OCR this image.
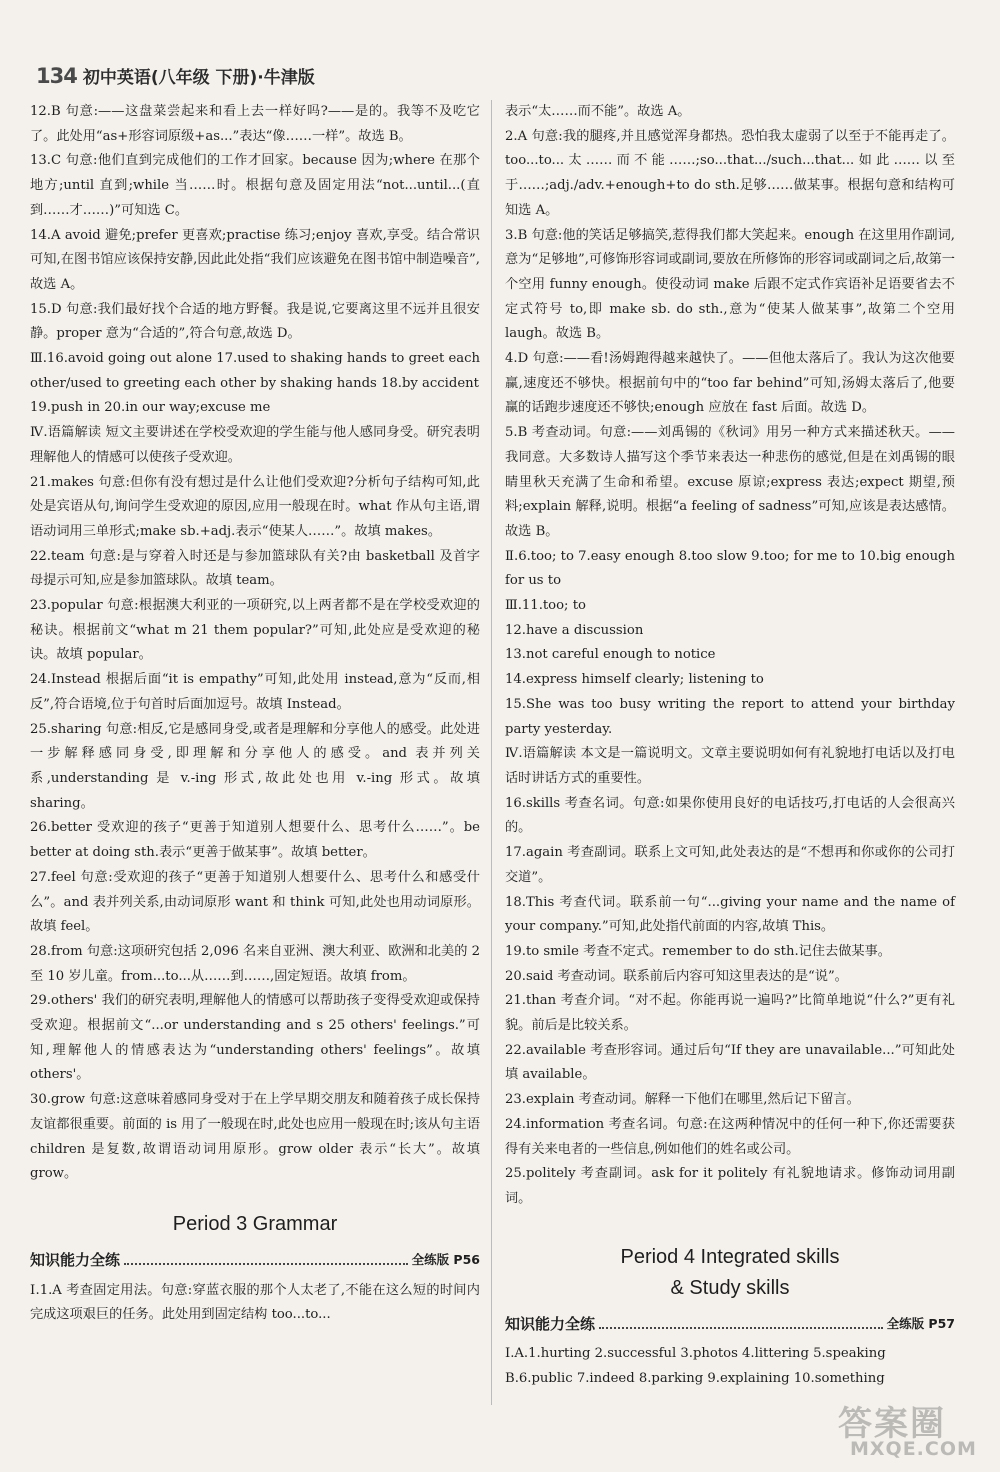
134 初中英语(八年级 下册)·牛津版

12.B 句意:——这盘菜尝起来和看上去一样好吗?——是的。我等不及吃它了。此处用“as+形容词原级+as...”表达“像……一样”。故选 B。

13.C 句意:他们直到完成他们的工作才回家。because 因为;where 在那个地方;until 直到;while 当……时。根据句意及固定用法“not...until...(直到……才……)”可知选 C。

14.A avoid 避免;prefer 更喜欢;practise 练习;enjoy 喜欢,享受。结合常识可知,在图书馆应该保持安静,因此此处指“我们应该避免在图书馆中制造噪音”,故选 A。

15.D 句意:我们最好找个合适的地方野餐。我是说,它要离这里不远并且很安静。proper 意为“合适的”,符合句意,故选 D。

Ⅲ.16.avoid going out alone 17.used to shaking hands to greet each other/used to greeting each other by shaking hands 18.by accident

19.push in 20.in our way;excuse me

Ⅳ.语篇解读 短文主要讲述在学校受欢迎的学生能与他人感同身受。研究表明理解他人的情感可以使孩子受欢迎。

21.makes 句意:但你有没有想过是什么让他们受欢迎?分析句子结构可知,此处是宾语从句,询问学生受欢迎的原因,应用一般现在时。what 作从句主语,谓语动词用三单形式;make sb.+adj.表示“使某人……”。故填 makes。

22.team 句意:是与穿着入时还是与参加篮球队有关?由 basketball 及首字母提示可知,应是参加篮球队。故填 team。

23.popular 句意:根据澳大利亚的一项研究,以上两者都不是在学校受欢迎的秘诀。根据前文“what m 21 them popular?”可知,此处应是受欢迎的秘诀。故填 popular。

24.Instead 根据后面“it is empathy”可知,此处用 instead,意为“反而,相反”,符合语境,位于句首时后面加逗号。故填 Instead。

25.sharing 句意:相反,它是感同身受,或者是理解和分享他人的感受。此处进一步解释感同身受,即理解和分享他人的感受。and 表并列关系,understanding 是 v.-ing 形式,故此处也用 v.-ing 形式。故填 sharing。

26.better 受欢迎的孩子“更善于知道别人想要什么、思考什么……”。be better at doing sth.表示“更善于做某事”。故填 better。

27.feel 句意:受欢迎的孩子“更善于知道别人想要什么、思考什么和感受什么”。and 表并列关系,由动词原形 want 和 think 可知,此处也用动词原形。故填 feel。

28.from 句意:这项研究包括 2,096 名来自亚洲、澳大利亚、欧洲和北美的 2 至 10 岁儿童。from...to...从……到……,固定短语。故填 from。

29.others' 我们的研究表明,理解他人的情感可以帮助孩子变得受欢迎或保持受欢迎。根据前文“...or understanding and s 25 others' feelings.”可知,理解他人的情感表达为“understanding others' feelings”。故填 others'。

30.grow 句意:这意味着感同身受对于在上学早期交朋友和随着孩子成长保持友谊都很重要。前面的 is 用了一般现在时,此处也应用一般现在时;该从句主语 children 是复数,故谓语动词用原形。grow older 表示“长大”。故填 grow。

Period 3 Grammar
知识能力全练	全练版 P56

Ⅰ.1.A 考查固定用法。句意:穿蓝衣服的那个人太老了,不能在这么短的时间内完成这项艰巨的任务。此处用到固定结构 too...to...

表示“太……而不能”。故选 A。

2.A 句意:我的腿疼,并且感觉浑身都热。恐怕我太虚弱了以至于不能再走了。too...to...太……而不能……;so...that.../such...that...如此……以至于……;adj./adv.+enough+to do sth.足够……做某事。根据句意和结构可知选 A。

3.B 句意:他的笑话足够搞笑,惹得我们都大笑起来。enough 在这里用作副词,意为“足够地”,可修饰形容词或副词,要放在所修饰的形容词或副词之后,故第一个空用 funny enough。使役动词 make 后跟不定式作宾语补足语要省去不定式符号 to,即 make sb. do sth.,意为“使某人做某事”,故第二个空用 laugh。故选 B。

4.D 句意:——看!汤姆跑得越来越快了。——但他太落后了。我认为这次他要赢,速度还不够快。根据前句中的“too far behind”可知,汤姆太落后了,他要赢的话跑步速度还不够快;enough 应放在 fast 后面。故选 D。

5.B 考查动词。句意:——刘禹锡的《秋词》用另一种方式来描述秋天。——我同意。大多数诗人描写这个季节来表达一种悲伤的感觉,但是在刘禹锡的眼睛里秋天充满了生命和希望。excuse 原谅;express 表达;expect 期望,预料;explain 解释,说明。根据“a feeling of sadness”可知,应该是表达感情。故选 B。

Ⅱ.6.too; to 7.easy enough 8.too slow 9.too; for me to 10.big enough for us to

Ⅲ.11.too; to

12.have a discussion

13.not careful enough to notice

14.express himself clearly; listening to

15.She was too busy writing the report to attend your birthday party yesterday.

Ⅳ.语篇解读 本文是一篇说明文。文章主要说明如何有礼貌地打电话以及打电话时讲话方式的重要性。

16.skills 考查名词。句意:如果你使用良好的电话技巧,打电话的人会很高兴的。

17.again 考查副词。联系上文可知,此处表达的是“不想再和你或你的公司打交道”。

18.This 考查代词。联系前一句“...giving your name and the name of your company.”可知,此处指代前面的内容,故填 This。

19.to smile 考查不定式。remember to do sth.记住去做某事。

20.said 考查动词。联系前后内容可知这里表达的是“说”。

21.than 考查介词。“对不起。你能再说一遍吗?”比简单地说“什么?”更有礼貌。前后是比较关系。

22.available 考查形容词。通过后句“If they are unavailable...”可知此处填 available。

23.explain 考查动词。解释一下他们在哪里,然后记下留言。

24.information 考查名词。句意:在这两种情况中的任何一种下,你还需要获得有关来电者的一些信息,例如他们的姓名或公司。

25.politely 考查副词。ask for it politely 有礼貌地请求。修饰动词用副词。

Period 4 Integrated skills
& Study skills
知识能力全练	全练版 P57

Ⅰ.A.1.hurting 2.successful 3.photos 4.littering 5.speaking

B.6.public 7.indeed 8.parking 9.explaining 10.something

答案圈
MXQE.COM
